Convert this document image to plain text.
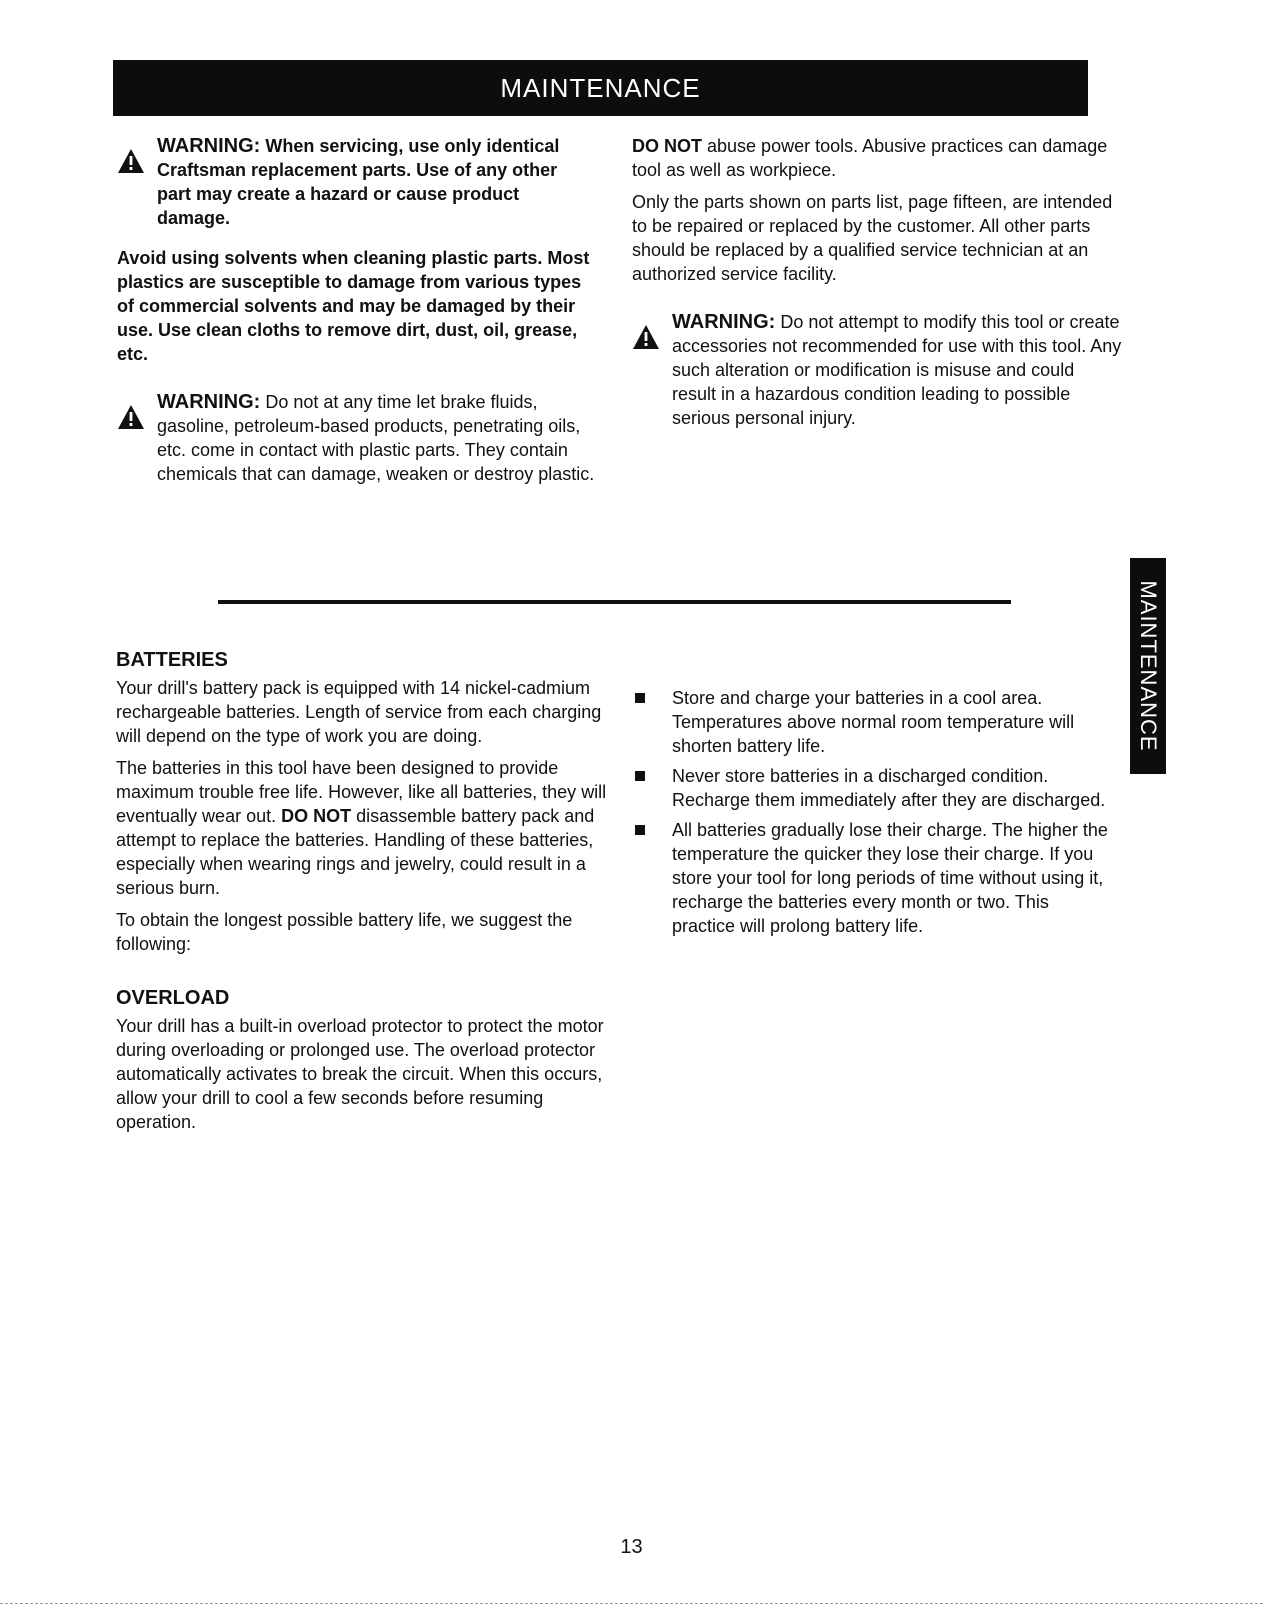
MAINTENANCE
MAINTENANCE
WARNING: When servicing, use only identical Craftsman replacement parts. Use of any other part may create a hazard or cause product damage.

Avoid using solvents when cleaning plastic parts. Most plastics are susceptible to damage from various types of commercial solvents and may be damaged by their use. Use clean cloths to remove dirt, dust, oil, grease, etc.

WARNING: Do not at any time let brake fluids, gasoline, petroleum-based products, penetrating oils, etc. come in contact with plastic parts. They contain chemicals that can damage, weaken or destroy plastic.

DO NOT abuse power tools. Abusive practices can damage tool as well as workpiece.

Only the parts shown on parts list, page fifteen, are intended to be repaired or replaced by the customer. All other parts should be replaced by a qualified service technician at an authorized service facility.

WARNING: Do not attempt to modify this tool or create accessories not recommended for use with this tool. Any such alteration or modification is misuse and could result in a hazardous condition leading to possible serious personal injury.
BATTERIES

Your drill's battery pack is equipped with 14 nickel-cadmium rechargeable batteries. Length of service from each charging will depend on the type of work you are doing.

The batteries in this tool have been designed to provide maximum trouble free life. However, like all batteries, they will eventually wear out. DO NOT disassemble battery pack and attempt to replace the batteries. Handling of these batteries, especially when wearing rings and jewelry, could result in a serious burn.

To obtain the longest possible battery life, we suggest the following:

OVERLOAD

Your drill has a built-in overload protector to protect the motor during overloading or prolonged use. The overload protector automatically activates to break the circuit. When this occurs, allow your drill to cool a few seconds before resuming operation.

Store and charge your batteries in a cool area. Temperatures above normal room temperature will shorten battery life.
Never store batteries in a discharged condition. Recharge them immediately after they are discharged.
All batteries gradually lose their charge. The higher the temperature the quicker they lose their charge. If you store your tool for long periods of time without using it, recharge the batteries every month or two. This practice will prolong battery life.
13
